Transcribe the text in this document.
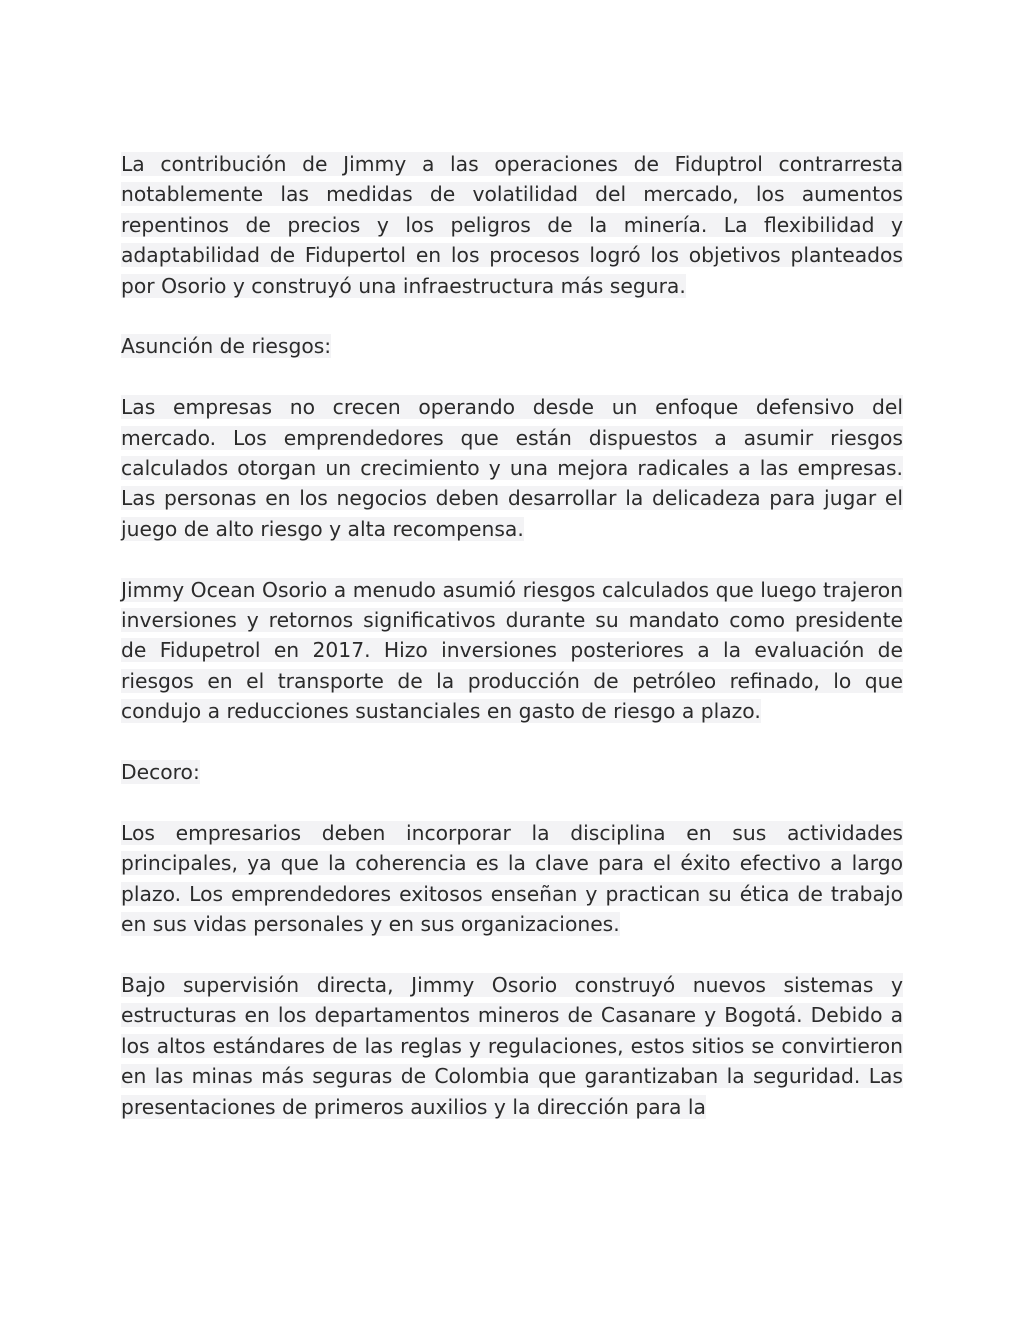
La contribución de Jimmy a las operaciones de Fiduptrol contrarresta notablemente las medidas de volatilidad del mercado, los aumentos repentinos de precios y los peligros de la minería. La flexibilidad y adaptabilidad de Fidupertol en los procesos logró los objetivos planteados por Osorio y construyó una infraestructura más segura.

Asunción de riesgos:

Las empresas no crecen operando desde un enfoque defensivo del mercado. Los emprendedores que están dispuestos a asumir riesgos calculados otorgan un crecimiento y una mejora radicales a las empresas. Las personas en los negocios deben desarrollar la delicadeza para jugar el juego de alto riesgo y alta recompensa.

Jimmy Ocean Osorio a menudo asumió riesgos calculados que luego trajeron inversiones y retornos significativos durante su mandato como presidente de Fidupetrol en 2017. Hizo inversiones posteriores a la evaluación de riesgos en el transporte de la producción de petróleo refinado, lo que condujo a reducciones sustanciales en gasto de riesgo a plazo.

Decoro:

Los empresarios deben incorporar la disciplina en sus actividades principales, ya que la coherencia es la clave para el éxito efectivo a largo plazo. Los emprendedores exitosos enseñan y practican su ética de trabajo en sus vidas personales y en sus organizaciones.

Bajo supervisión directa, Jimmy Osorio construyó nuevos sistemas y estructuras en los departamentos mineros de Casanare y Bogotá. Debido a los altos estándares de las reglas y regulaciones, estos sitios se convirtieron en las minas más seguras de Colombia que garantizaban la seguridad. Las presentaciones de primeros auxilios y la dirección para la
